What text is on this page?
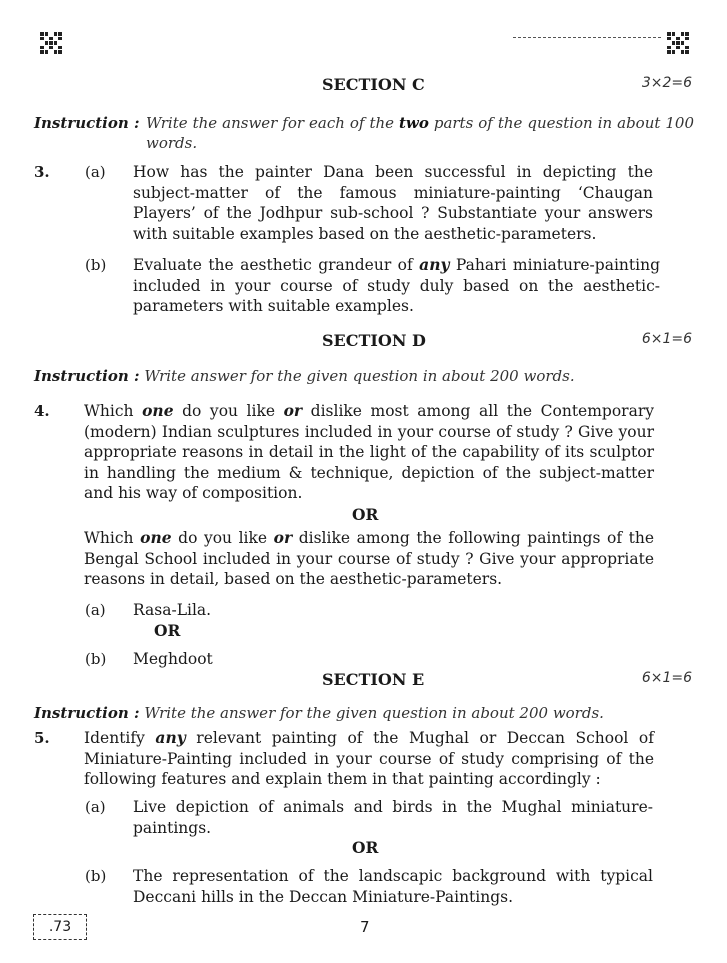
SECTION C	3×2=6
Instruction : Write the answer for each of the two parts of the question in about 100 words.
3. (a) How has the painter Dana been successful in depicting the subject-matter of the famous miniature-painting ‘Chaugan Players’ of the Jodhpur sub-school ? Substantiate your answers with suitable examples based on the aesthetic-parameters.
(b) Evaluate the aesthetic grandeur of any Pahari miniature-painting included in your course of study duly based on the aesthetic-parameters with suitable examples.
SECTION D	6×1=6
Instruction : Write answer for the given question in about 200 words.
4. Which one do you like or dislike most among all the Contemporary (modern) Indian sculptures included in your course of study ? Give your appropriate reasons in detail in the light of the capability of its sculptor in handling the medium & technique, depiction of the subject-matter and his way of composition.
OR
Which one do you like or dislike among the following paintings of the Bengal School included in your course of study ? Give your appropriate reasons in detail, based on the aesthetic-parameters.
(a) Rasa-Lila.
OR
(b) Meghdoot
SECTION E	6×1=6
Instruction : Write the answer for the given question in about 200 words.
5. Identify any relevant painting of the Mughal or Deccan School of Miniature-Painting included in your course of study comprising of the following features and explain them in that painting accordingly :
(a) Live depiction of animals and birds in the Mughal miniature-paintings.
OR
(b) The representation of the landscapic background with typical Deccani hills in the Deccan Miniature-Paintings.
.73	7
